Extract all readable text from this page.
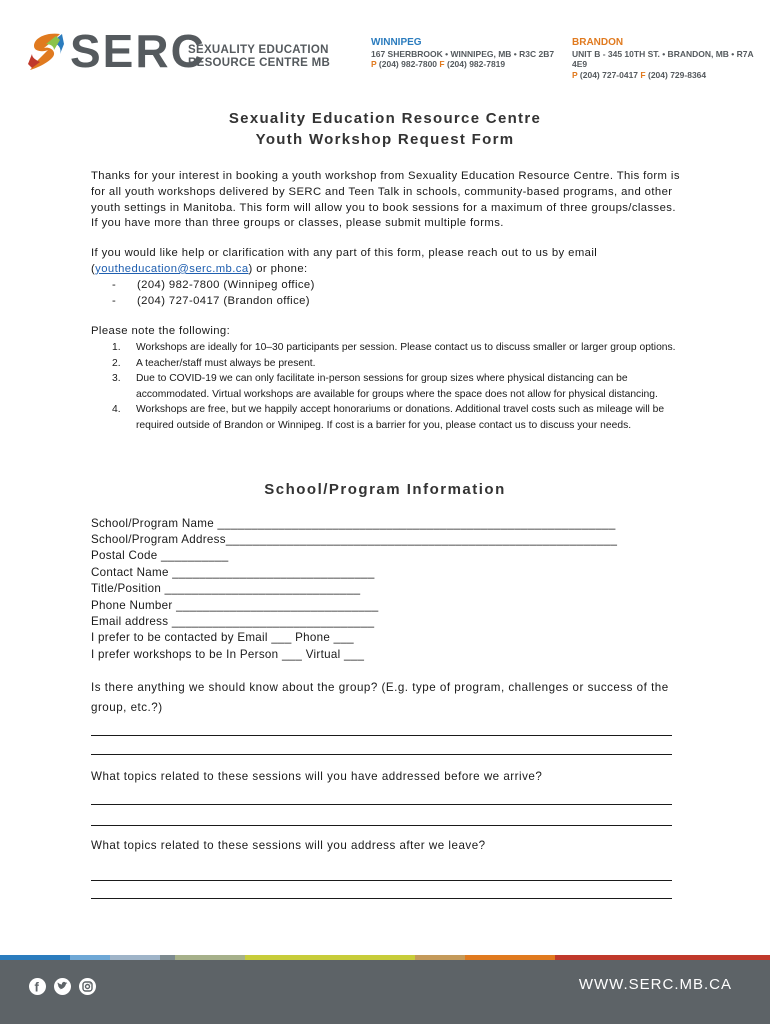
SERC
SEXUALITY EDUCATION
RESOURCE CENTRE MB
WINNIPEG
167 SHERBROOK • WINNIPEG, MB • R3C 2B7
P (204) 982-7800 F (204) 982-7819
BRANDON
UNIT B - 345 10TH ST. • BRANDON, MB • R7A 4E9
P (204) 727-0417 F (204) 729-8364
Sexuality Education Resource Centre
Youth Workshop Request Form
Thanks for your interest in booking a youth workshop from Sexuality Education Resource Centre. This form is for all youth workshops delivered by SERC and Teen Talk in schools, community-based programs, and other youth settings in Manitoba. This form will allow you to book sessions for a maximum of three groups/classes. If you have more than three groups or classes, please submit multiple forms.
If you would like help or clarification with any part of this form, please reach out to us by email (youtheducation@serc.mb.ca) or phone:
- (204) 982-7800 (Winnipeg office)
- (204) 727-0417 (Brandon office)
Please note the following:
1. Workshops are ideally for 10–30 participants per session. Please contact us to discuss smaller or larger group options.
2. A teacher/staff must always be present.
3. Due to COVID-19 we can only facilitate in-person sessions for group sizes where physical distancing can be accommodated. Virtual workshops are available for groups where the space does not allow for physical distancing.
4. Workshops are free, but we happily accept honorariums or donations. Additional travel costs such as mileage will be required outside of Brandon or Winnipeg. If cost is a barrier for you, please contact us to discuss your needs.
School/Program Information
School/Program Name ___________________________________________________________
School/Program Address__________________________________________________________
Postal Code __________
Contact Name ______________________________
Title/Position _____________________________
Phone Number ______________________________
Email address ______________________________
I prefer to be contacted by Email ___ Phone ___
I prefer workshops to be In Person ___ Virtual ___
Is there anything we should know about the group? (E.g. type of program, challenges or success of the group, etc.?)
What topics related to these sessions will you have addressed before we arrive?
What topics related to these sessions will you address after we leave?
f	WWW.SERC.MB.CA
